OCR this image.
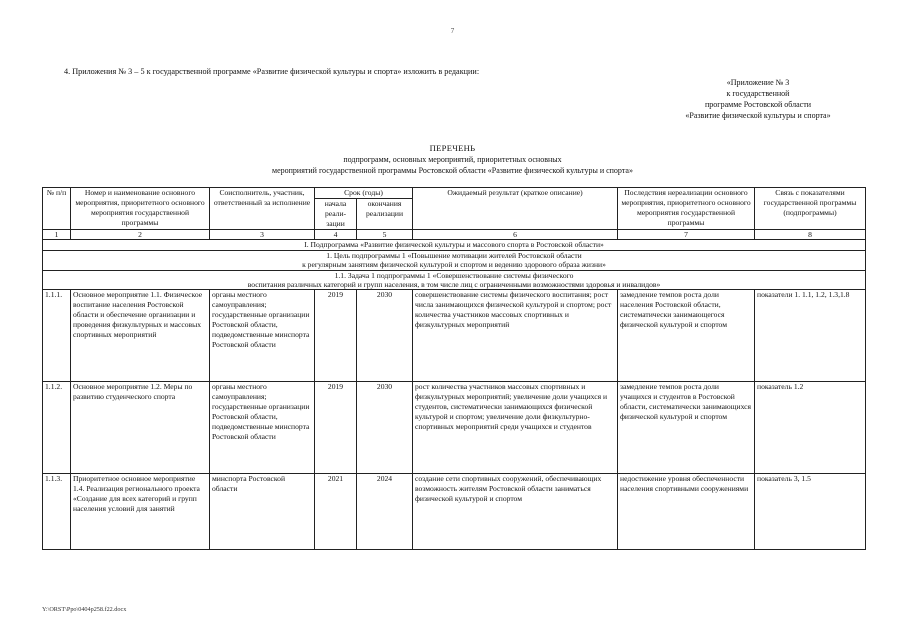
7
4. Приложения № 3 – 5 к государственной программе «Развитие физической культуры и спорта» изложить в редакции:
«Приложение № 3
к государственной
программе Ростовской области
«Развитие физической культуры и спорта»
ПЕРЕЧЕНЬ
подпрограмм, основных мероприятий, приоритетных основных
мероприятий государственной программы Ростовской области «Развитие физической культуры и спорта»
№ п/п	Номер и наименование основного мероприятия, приоритетного основного мероприятия государственной программы	Соисполнитель, участник, ответственный за исполнение	Срок (годы)		Ожидаемый результат (краткое описание)	Последствия нереализации основного мероприятия, приоритетного основного мероприятия государственной программы	Связь с показателями государственной программы (подпрограммы)
			начала реали-зации	окончания реализации			
1	2	3	4	5	6	7	8
I. Подпрограмма «Развитие физической культуры и массового спорта в Ростовской области»							

1. Цель подпрограммы 1 «Повышение мотивации жителей Ростовской области
к регулярным занятиям физической культурой и спортом и ведению здорового образа жизни»							

1.1. Задача 1 подпрограммы 1 «Совершенствование системы физического
воспитания различных категорий и групп населения, в том числе лиц с ограниченными возможностями здоровья и инвалидов»							

1.1.1.	Основное мероприятие 1.1. Физическое воспитание населения Ростовской области и обеспечение организации и проведения физкультурных и массовых спортивных мероприятий	органы местного самоуправления; государственные организации Ростовской области, подведомственные минспорта Ростовской области	2019	2030	совершенствование системы физического воспитания; рост числа занимающихся физической культурой и спортом; рост количества участников массовых спортивных и физкультурных мероприятий	замедление темпов роста доли населения Ростовской области, систематически занимающегося физической культурой и спортом	показатели 1. 1.1, 1.2, 1.3,1.8
1.1.2.	Основное мероприятие 1.2. Меры по развитию студенческого спорта	органы местного самоуправления; государственные организации Ростовской области, подведомственные минспорта Ростовской области	2019	2030	рост количества участников массовых спортивных и физкультурных мероприятий; увеличение доли учащихся и студентов, систематически занимающихся физической культурой и спортом; увеличение доли физкультурно-спортивных мероприятий среди учащихся и студентов	замедление темпов роста доли учащихся и студентов в Ростовской области, систематически занимающихся физической культурой и спортом	показатель 1.2
1.1.3.	Приоритетное основное мероприятие 1.4. Реализация регионального проекта «Создание для всех категорий и групп населения условий для занятий	минспорта Ростовской области	2021	2024	создание сети спортивных сооружений, обеспечивающих возможность жителям Ростовской области заниматься физической культурой и спортом	недостижение уровня обеспеченности населения спортивными сооружениями	показатель 3, 1.5
Y:\ORST\Ppo\0404p258.f22.docx
